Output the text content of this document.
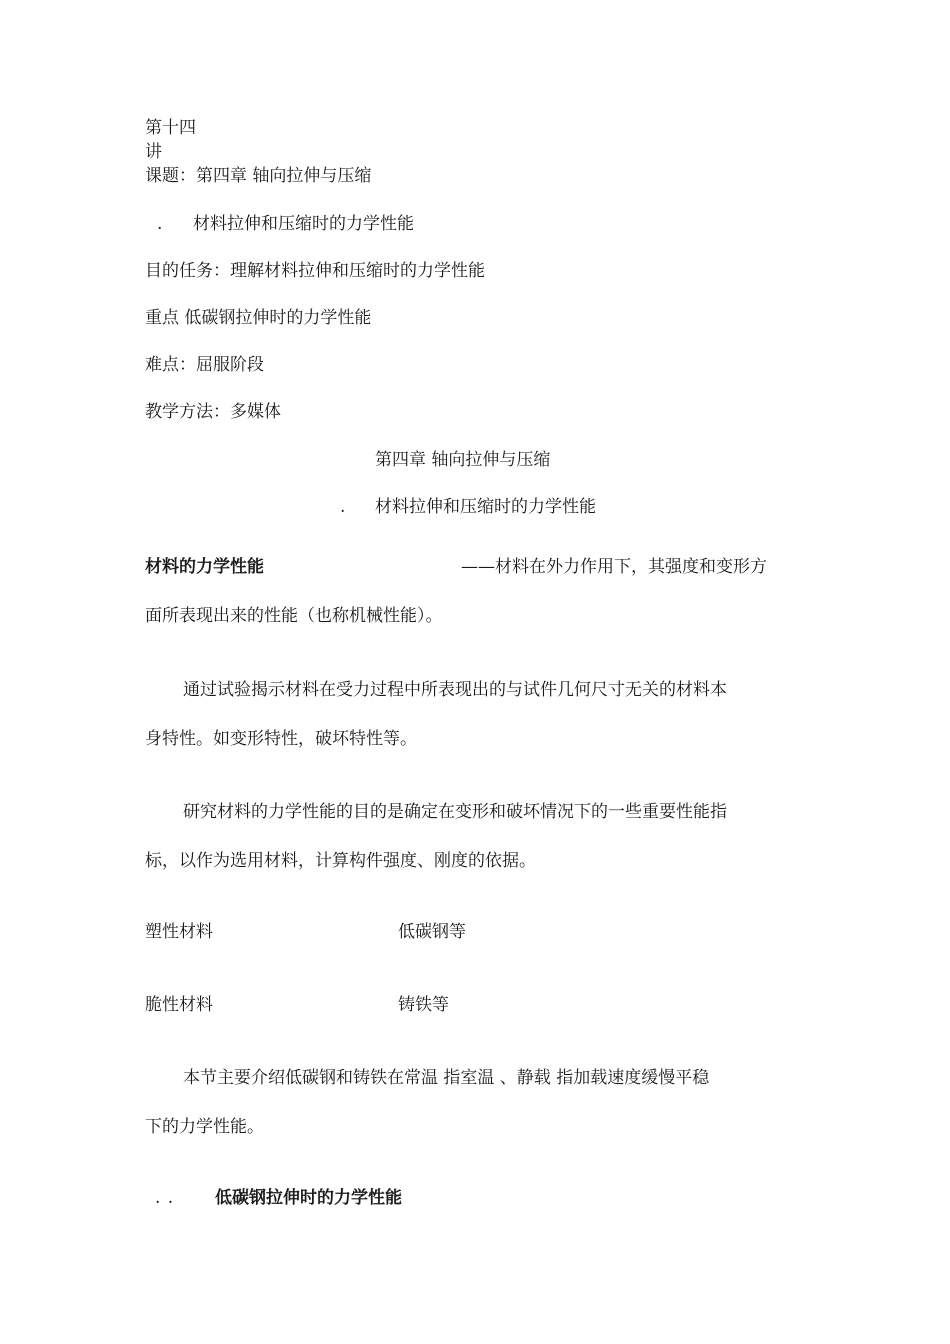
第十四
讲
课题：第四章 轴向拉伸与压缩
. 材料拉伸和压缩时的力学性能
目的任务：理解材料拉伸和压缩时的力学性能
重点 低碳钢拉伸时的力学性能
难点：屈服阶段
教学方法：多媒体
第四章 轴向拉伸与压缩
. 材料拉伸和压缩时的力学性能
材料的力学性能	——材料在外力作用下，其强度和变形方
面所表现出来的性能（也称机械性能）。
通过试验揭示材料在受力过程中所表现出的与试件几何尺寸无关的材料本
身特性。如变形特性，破坏特性等。
研究材料的力学性能的目的是确定在变形和破坏情况下的一些重要性能指
标，以作为选用材料，计算构件强度、刚度的依据。
塑性材料	低碳钢等
脆性材料	铸铁等
本节主要介绍低碳钢和铸铁在常温 指室温 、静载 指加载速度缓慢平稳
下的力学性能。
. . 低碳钢拉伸时的力学性能
